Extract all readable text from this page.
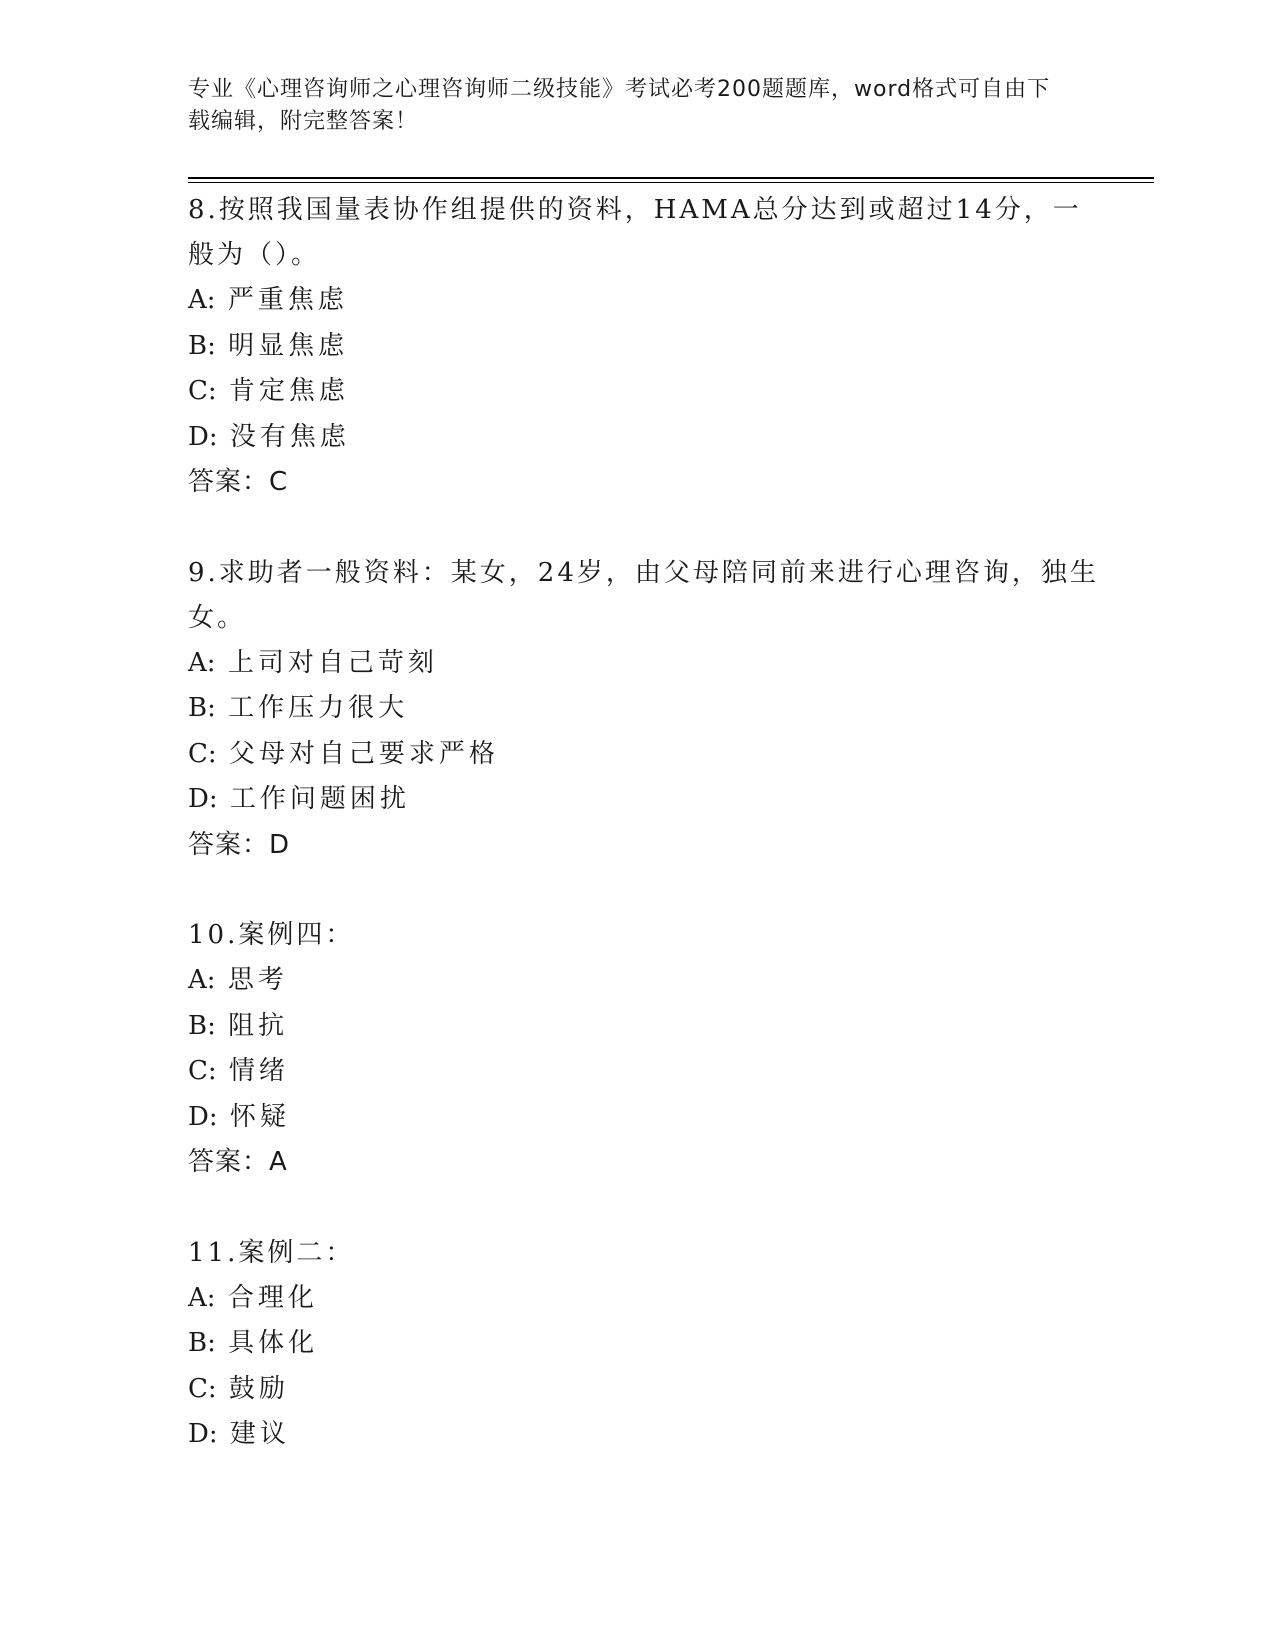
专业《心理咨询师之心理咨询师二级技能》考试必考200题题库，word格式可自由下载编辑，附完整答案！

8.按照我国量表协作组提供的资料，HAMA总分达到或超过14分，一般为（）。

A: 严重焦虑

B: 明显焦虑

C: 肯定焦虑

D: 没有焦虑

答案：C

9.求助者一般资料：某女，24岁，由父母陪同前来进行心理咨询，独生女。

A: 上司对自己苛刻

B: 工作压力很大

C: 父母对自己要求严格

D: 工作问题困扰

答案：D

10.案例四：

A: 思考

B: 阻抗

C: 情绪

D: 怀疑

答案：A

11.案例二：

A: 合理化

B: 具体化

C: 鼓励

D: 建议
